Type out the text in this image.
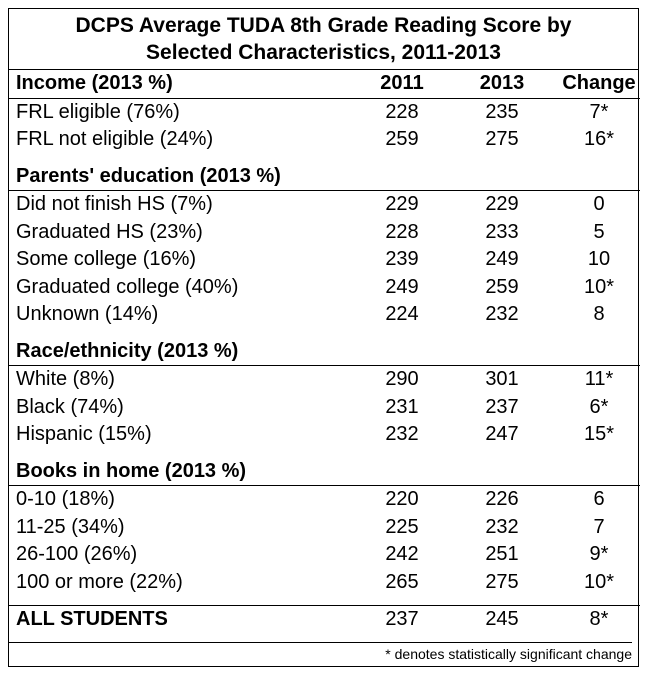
DCPS Average TUDA 8th Grade Reading Score by
Selected Characteristics, 2011-2013
Income (2013 %)	2011	2013	Change
FRL eligible (76%)	228	235	7*
FRL not eligible (24%)	259	275	16*

Parents' education (2013 %)			
Did not finish HS (7%)	229	229	0
Graduated HS (23%)	228	233	5
Some college (16%)	239	249	10
Graduated college (40%)	249	259	10*
Unknown (14%)	224	232	8

Race/ethnicity (2013 %)			
White (8%)	290	301	11*
Black (74%)	231	237	6*
Hispanic (15%)	232	247	15*

Books in home (2013 %)			
0-10 (18%)	220	226	6
11-25 (34%)	225	232	7
26-100 (26%)	242	251	9*
100 or more (22%)	265	275	10*

ALL STUDENTS	237	245	8*
* denotes statistically significant change
